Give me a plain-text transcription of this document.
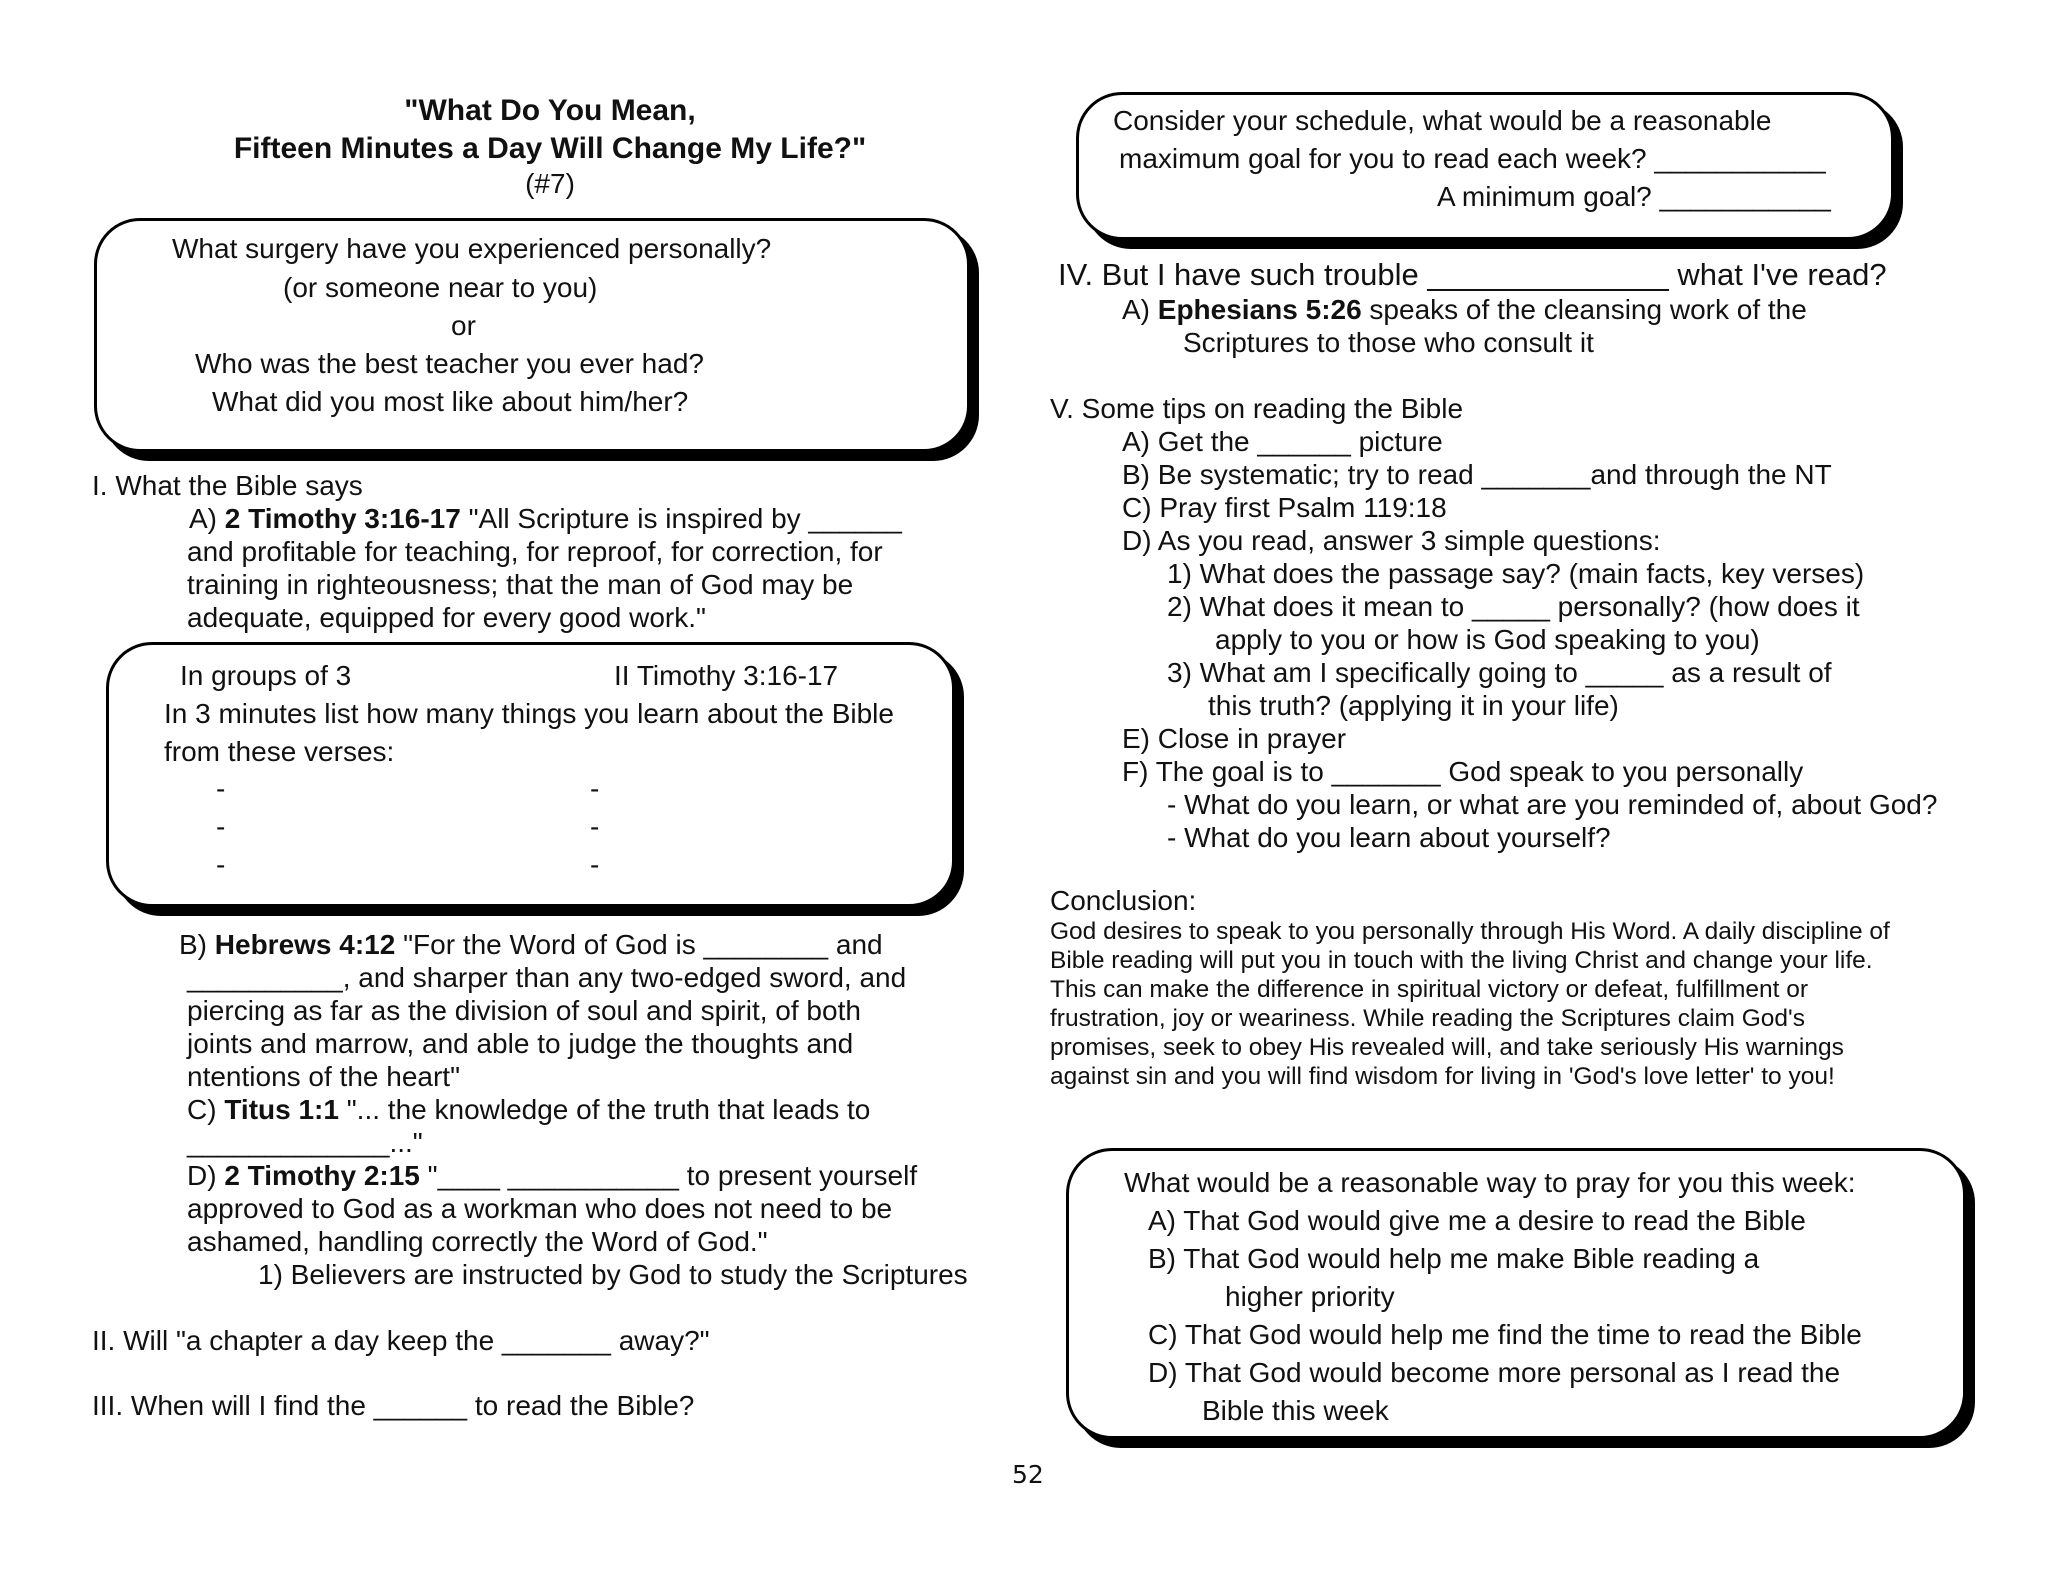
"What Do You Mean,
Fifteen Minutes a Day Will Change My Life?"
(#7)
What surgery have you experienced personally?
(or someone near to you)
or
Who was the best teacher you ever had?
What did you most like about him/her?
I. What the Bible says
A) 2 Timothy 3:16-17 "All Scripture is inspired by ______
and profitable for teaching, for reproof, for correction, for
training in righteousness; that the man of God may be
adequate, equipped for every good work."
In groups of 3	II Timothy 3:16-17
In 3 minutes list how many things you learn about the Bible
from these verses:
-	-
-	-
-	-
B) Hebrews 4:12 "For the Word of God is ________ and
__________, and sharper than any two-edged sword, and
piercing as far as the division of soul and spirit, of both
joints and marrow, and able to judge the thoughts and
ntentions of the heart"
C) Titus 1:1 "... the knowledge of the truth that leads to
_____________..."
D) 2 Timothy 2:15 "____ ___________ to present yourself
approved to God as a workman who does not need to be
ashamed, handling correctly the Word of God."
1) Believers are instructed by God to study the Scriptures
II. Will "a chapter a day keep the _______ away?"
III. When will I find the ______ to read the Bible?
Consider your schedule, what would be a reasonable
maximum goal for you to read each week? ___________
A minimum goal? ___________
IV. But I have such trouble ______________ what I've read?
A) Ephesians 5:26 speaks of the cleansing work of the
Scriptures to those who consult it
V. Some tips on reading the Bible
A) Get the ______ picture
B) Be systematic; try to read _______and through the NT
C) Pray first Psalm 119:18
D) As you read, answer 3 simple questions:
1) What does the passage say? (main facts, key verses)
2) What does it mean to _____ personally? (how does it
apply to you or how is God speaking to you)
3) What am I specifically going to _____ as a result of
this truth? (applying it in your life)
E) Close in prayer
F) The goal is to _______ God speak to you personally
- What do you learn, or what are you reminded of, about God?
- What do you learn about yourself?
Conclusion:
God desires to speak to you personally through His Word. A daily discipline of
Bible reading will put you in touch with the living Christ and change your life.
This can make the difference in spiritual victory or defeat, fulfillment or
frustration, joy or weariness. While reading the Scriptures claim God's
promises, seek to obey His revealed will, and take seriously His warnings
against sin and you will find wisdom for living in 'God's love letter' to you!
What would be a reasonable way to pray for you this week:
A) That God would give me a desire to read the Bible
B) That God would help me make Bible reading a
higher priority
C) That God would help me find the time to read the Bible
D) That God would become more personal as I read the
Bible this week
52
